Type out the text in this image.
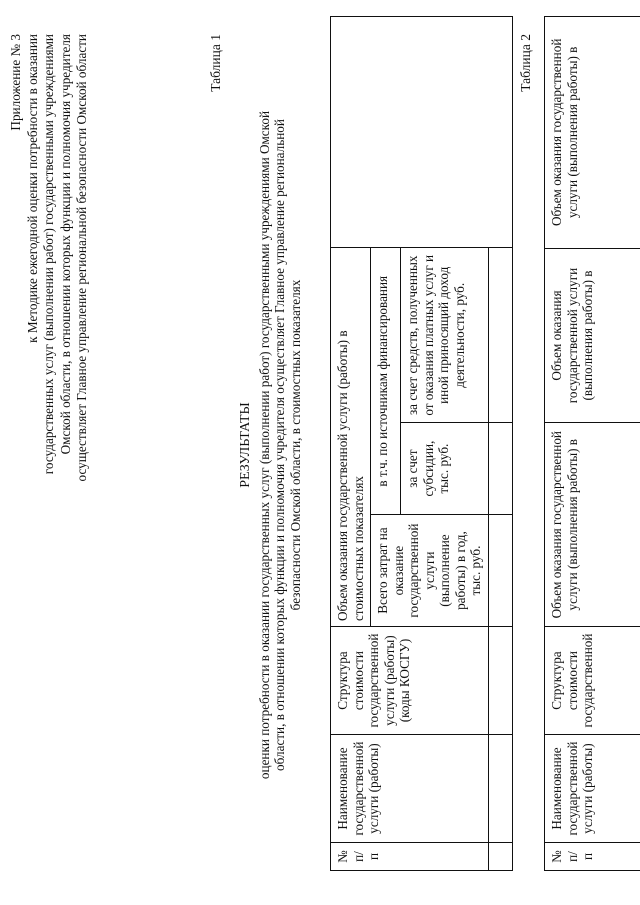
Приложение № 3 к Методике ежегодной оценки потребности в оказании государственных услуг (выполнении работ) государственными учреждениями Омской области, в отношении которых функции и полномочия учредителя осуществляет Главное управление региональной безопасности Омской области	Таблица 1
РЕЗУЛЬТАТЫ оценки потребности в оказании государственных услуг (выполнении работ) государственными учреждениями Омской области, в отношении которых функции и полномочия учредителя осуществляет Главное управление региональной безопасности Омской области, в стоимостных показателях
№ п/п	Наименование государственной услуги (работы)	Структура стоимости государственной услуги (работы) (коды КОСГУ)	Объем оказания государственной услуги (работы) в стоимостных показателях			
			Всего затрат на оказание государственной услуги (выполнение работы) в год, тыс. руб.	в т.ч. по источникам финансирования		
				за счет субсидии, тыс. руб.	за счет средств, полученных от оказания платных услуг и иной приносящий доход деятельности, руб.	

Таблица 2
№ п/п	Наименование государственной услуги (работы)	Структура стоимости государственной	Объем оказания государственной услуги (выполнения работы) в	Объем оказания государственной услуги (выполнения работы) в	Объем оказания государственной услуги (выполнения работы) в
